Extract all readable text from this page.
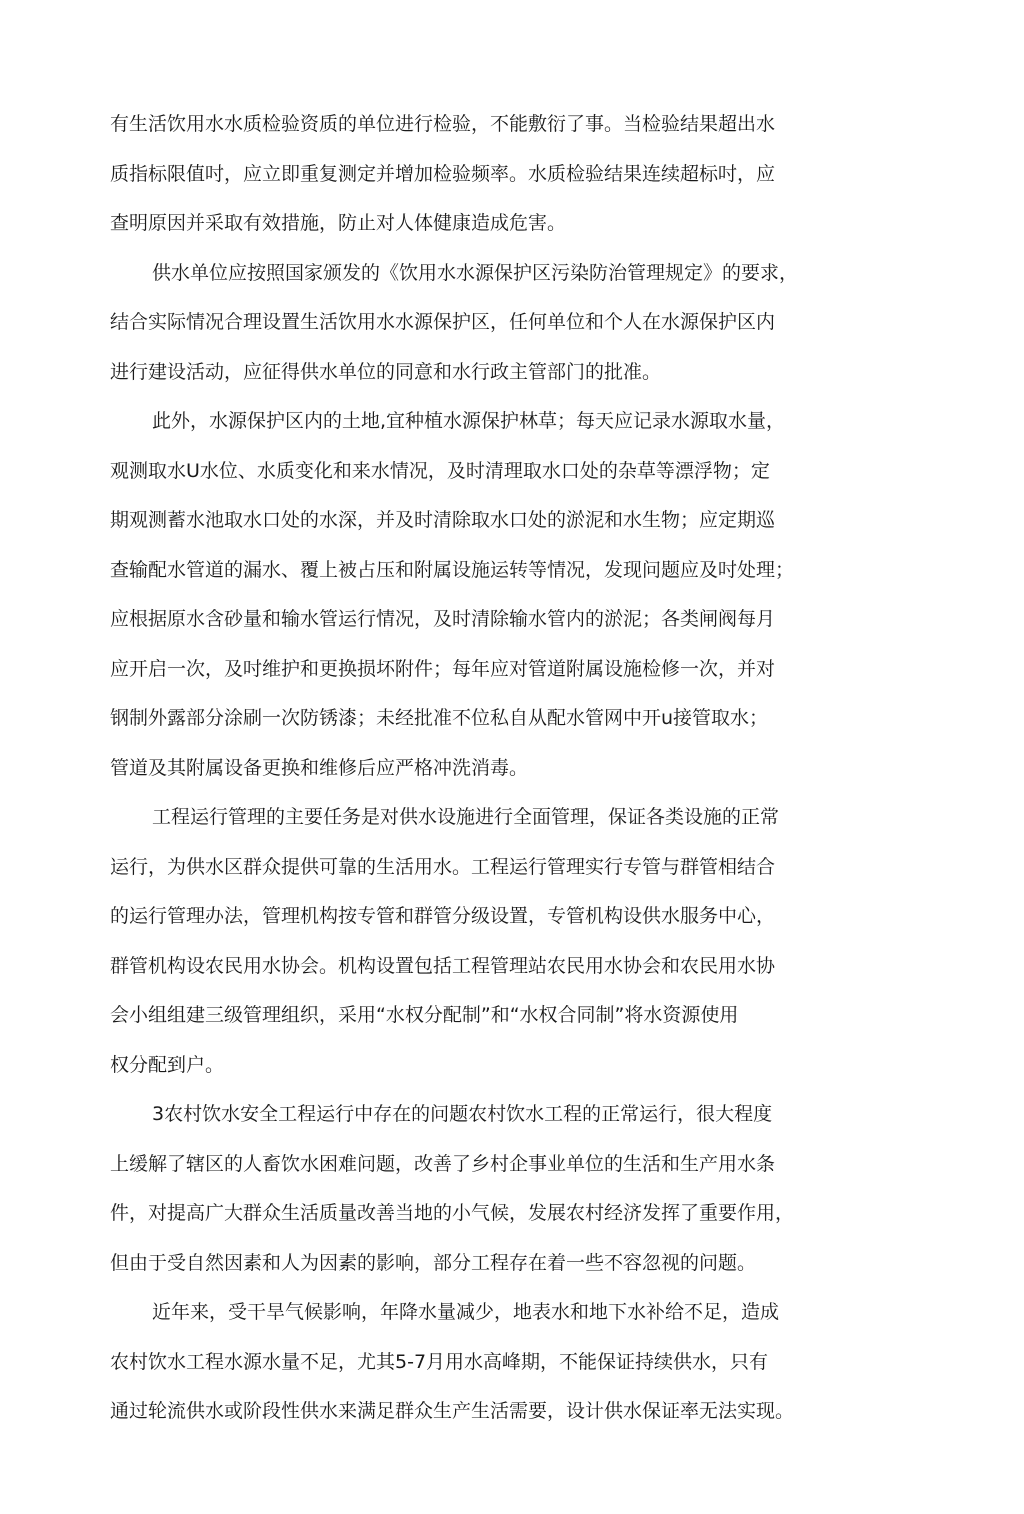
有生活饮用水水质检验资质的单位进行检验，不能敷衍了事。当检验结果超出水
质指标限值吋，应立即重复测定并增加检验频率。水质检验结果连续超标吋，应
查明原因并采取有效措施，防止对人体健康造成危害。
供水单位应按照国家颁发的《饮用水水源保护区污染防治管理规定》的要求，
结合实际情况合理设置生活饮用水水源保护区，任何单位和个人在水源保护区内
进行建设活动，应征得供水单位的同意和水行政主管部门的批准。
此外，水源保护区内的土地,宜种植水源保护林草；每天应记录水源取水量，
观测取水U水位、水质变化和来水情况，及时清理取水口处的杂草等漂浮物；定
期观测蓄水池取水口处的水深，并及时清除取水口处的淤泥和水生物；应定期巡
查输配水管道的漏水、覆上被占压和附属设施运转等情况，发现问题应及吋处理；
应根据原水含砂量和输水管运行情况，及时清除输水管内的淤泥；各类闸阀每月
应开启一次，及吋维护和更换损坏附件；每年应对管道附属设施检修一次，并对
钢制外露部分涂刷一次防锈漆；未经批准不位私自从配水管网中开u接管取水；
管道及其附属设备更换和维修后应严格冲洗消毒。
工程运行管理的主要任务是对供水设施进行全面管理，保证各类设施的正常
运行，为供水区群众提供可靠的生活用水。工程运行管理实行专管与群管相结合
的运行管理办法，管理机构按专管和群管分级设置，专管机构设供水服务中心，
群管机构设农民用水协会。机构设置包括工程管理站农民用水协会和农民用水协
会小组组建三级管理组织，采用“水权分配制”和“水权合同制”将水资源使用
权分配到户。
3农村饮水安全工程运行中存在的问题农村饮水工程的正常运行，很大程度
上缓解了辖区的人畜饮水困难问题，改善了乡村企事业单位的生活和生产用水条
件，对提高广大群众生活质量改善当地的小气候，发展农村经济发挥了重要作用，
但由于受自然因素和人为因素的影响，部分工程存在着一些不容忽视的问题。
近年来，受干旱气候影响，年降水量减少，地表水和地下水补给不足，造成
农村饮水工程水源水量不足，尤其5-7月用水高峰期，不能保证持续供水，只有
通过轮流供水或阶段性供水来满足群众生产生活需要，设计供水保证率无法实现。
